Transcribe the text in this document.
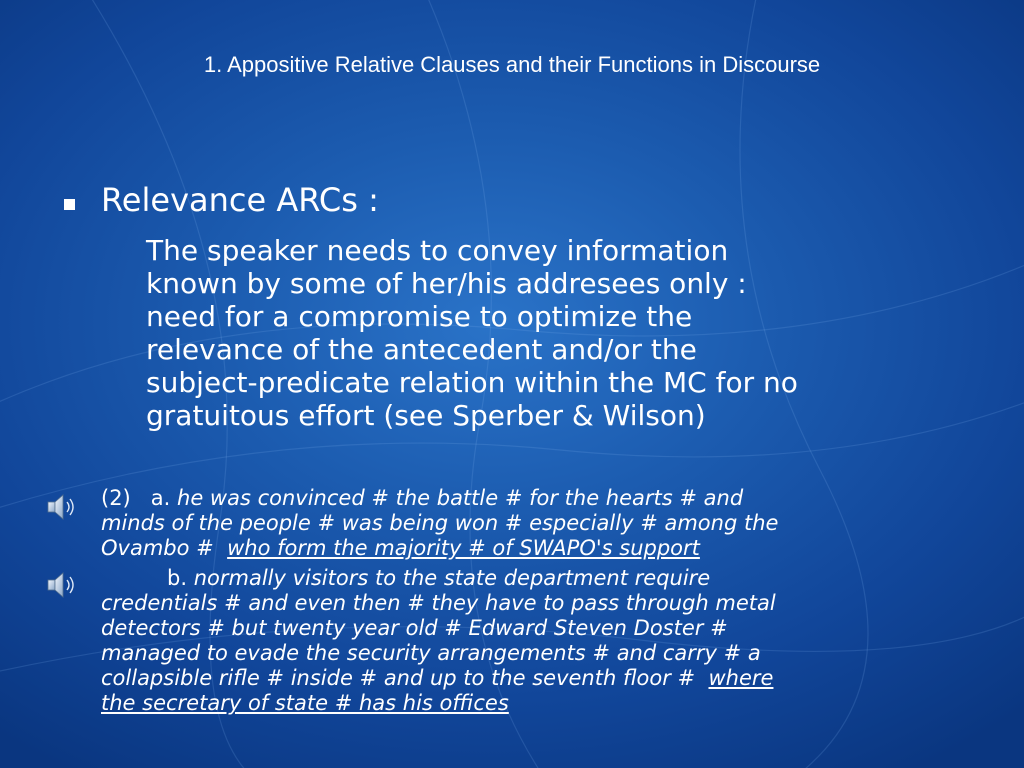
1. Appositive Relative Clauses and their Functions in Discourse
Relevance ARCs :
The speaker needs to convey information
known by some of her/his addresees only :
need for a compromise to optimize the
relevance of the antecedent and/or the
subject-predicate relation within the MC for no
gratuitous effort (see Sperber & Wilson)
(2) a. he was convinced # the battle # for the hearts # and
minds of the people # was being won # especially # among the
Ovambo #  who form the majority # of SWAPO's support
b. normally visitors to the state department require
credentials # and even then # they have to pass through metal
detectors # but twenty year old # Edward Steven Doster #
managed to evade the security arrangements # and carry # a
collapsible rifle # inside # and up to the seventh floor #  where
the secretary of state # has his offices
